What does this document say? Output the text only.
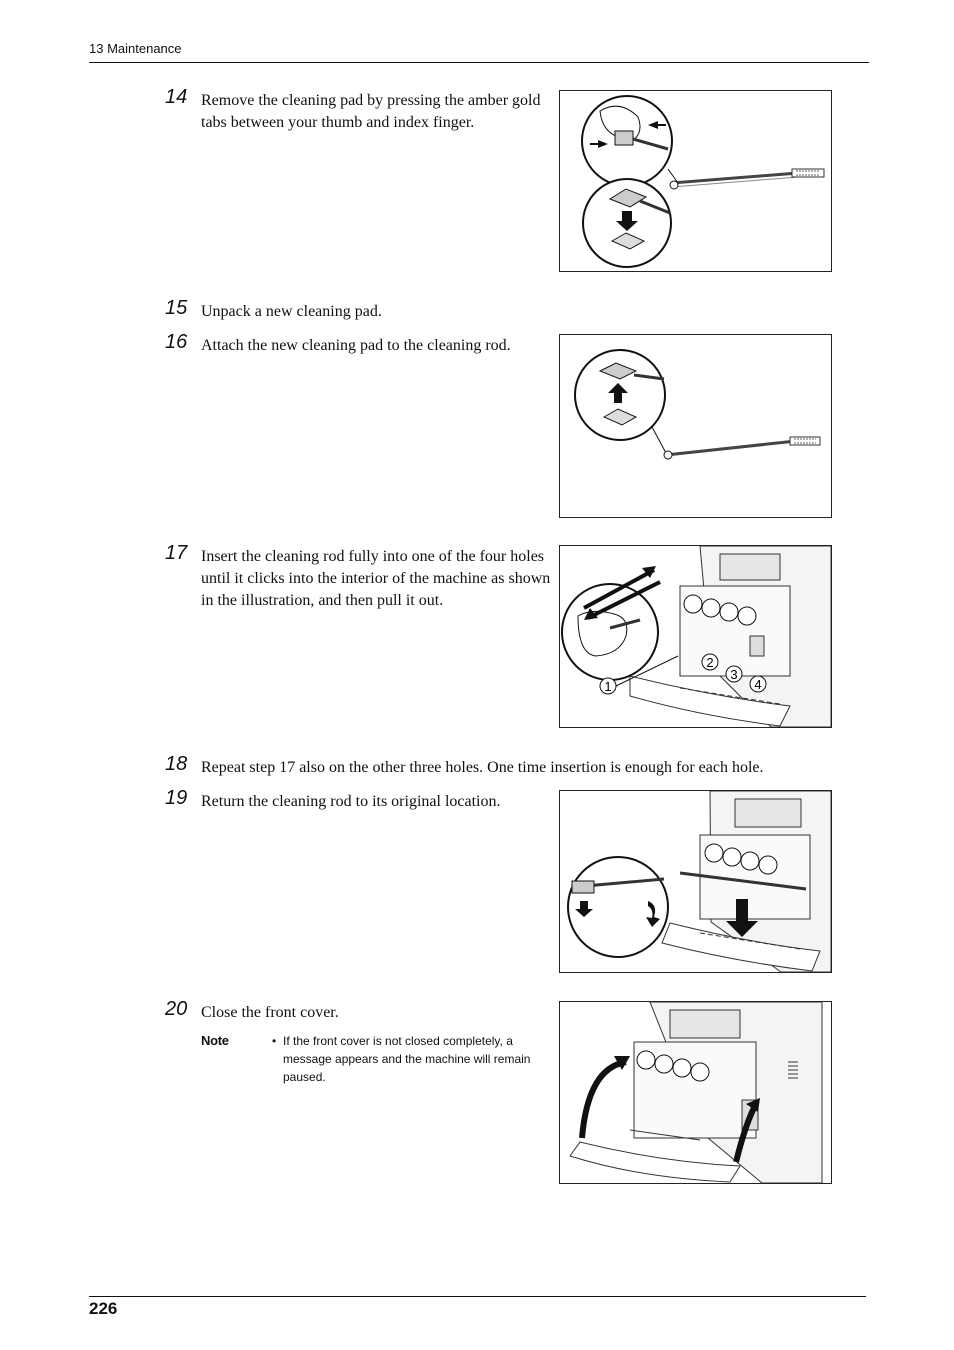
13 Maintenance
14 Remove the cleaning pad by pressing the amber gold tabs between your thumb and index finger.
15 Unpack a new cleaning pad.
16 Attach the new cleaning pad to the cleaning rod.
17 Insert the cleaning rod fully into one of the four holes until it clicks into the interior of the machine as shown in the illustration, and then pull it out.
2
3
4
1
18 Repeat step 17 also on the other three holes. One time insertion is enough for each hole.
19 Return the cleaning rod to its original location.
20 Close the front cover.
Note	• If the front cover is not closed completely, a message appears and the machine will remain paused.
226
